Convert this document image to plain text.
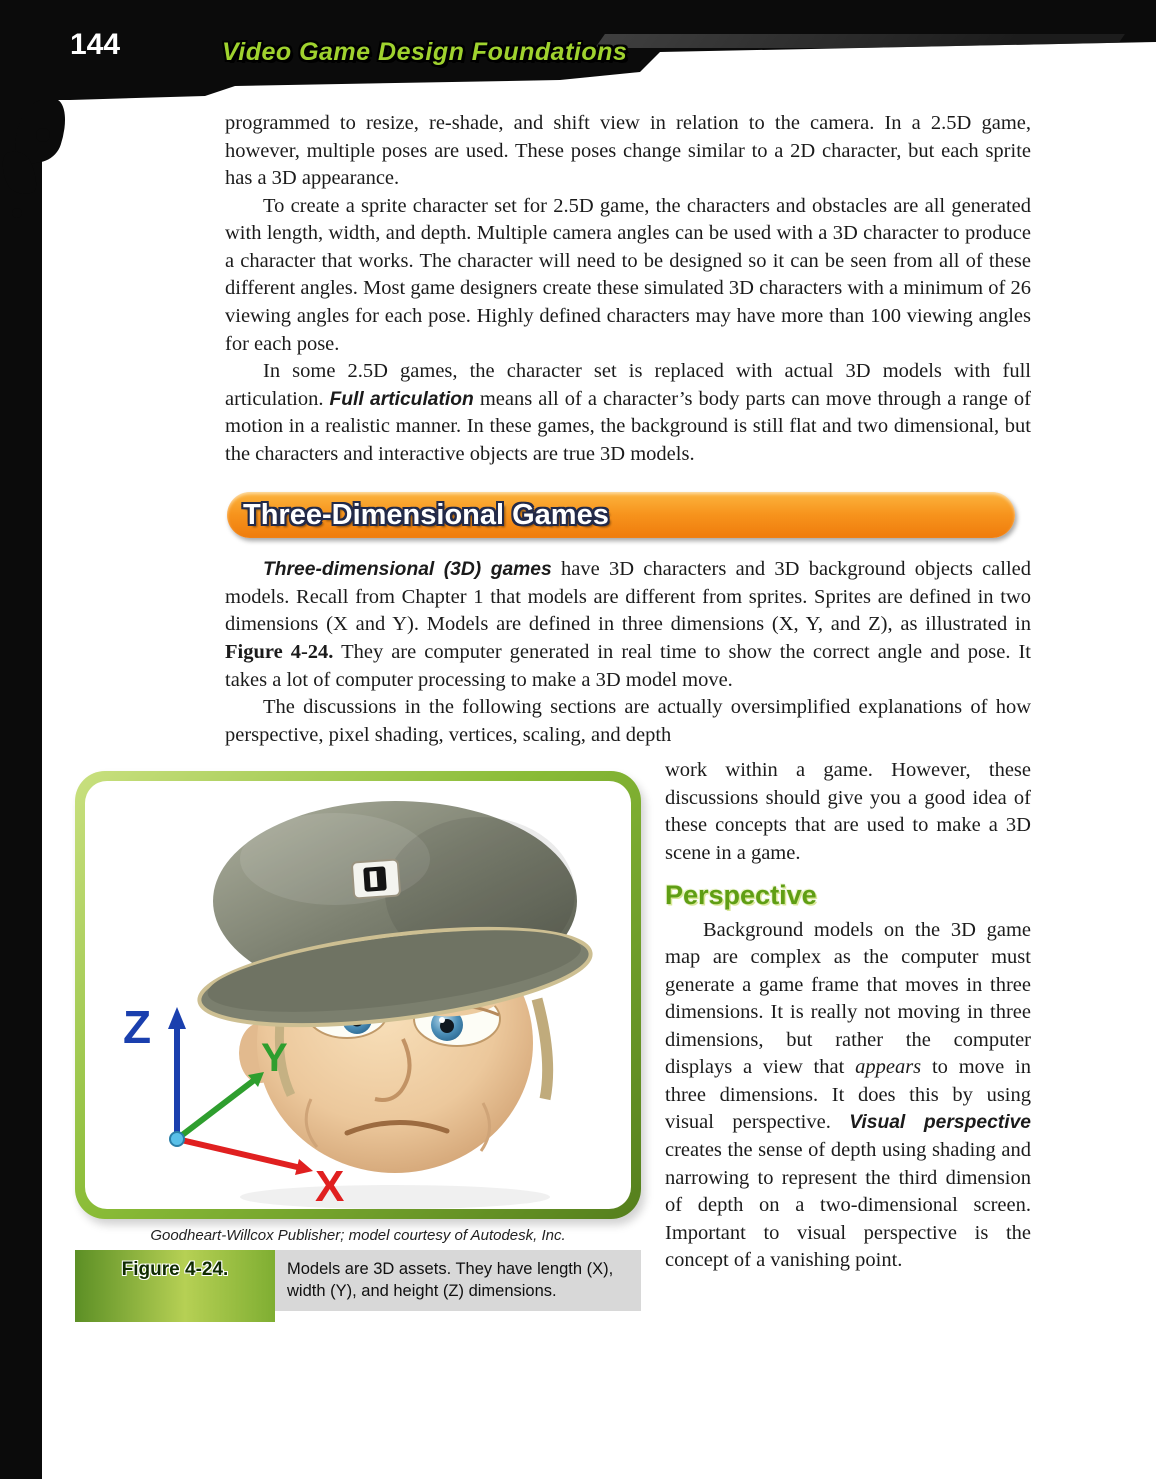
144	Video Game Design Foundations

programmed to resize, re-shade, and shift view in relation to the camera. In a 2.5D game, however, multiple poses are used. These poses change similar to a 2D character, but each sprite has a 3D appearance.

To create a sprite character set for 2.5D game, the characters and obstacles are all generated with length, width, and depth. Multiple camera angles can be used with a 3D character to produce a character that works. The character will need to be designed so it can be seen from all of these different angles. Most game designers create these simulated 3D characters with a minimum of 26 viewing angles for each pose. Highly defined characters may have more than 100 viewing angles for each pose.

In some 2.5D games, the character set is replaced with actual 3D models with full articulation. Full articulation means all of a character’s body parts can move through a range of motion in a realistic manner. In these games, the background is still flat and two dimensional, but the characters and interactive objects are true 3D models.

Three-Dimensional Games

Three-dimensional (3D) games have 3D characters and 3D background objects called models. Recall from Chapter 1 that models are different from sprites. Sprites are defined in two dimensions (X and Y). Models are defined in three dimensions (X, Y, and Z), as illustrated in Figure 4-24. They are computer generated in real time to show the correct angle and pose. It takes a lot of computer processing to make a 3D model move.

The discussions in the following sections are actually oversimplified explanations of how perspective, pixel shading, vertices, scaling, and depth

Z
Y
X
Goodheart-Willcox Publisher; model courtesy of Autodesk, Inc.
Figure 4-24.	Models are 3D assets. They have length (X), width (Y), and height (Z) dimensions.

work within a game. However, these discussions should give you a good idea of these concepts that are used to make a 3D scene in a game.

Perspective

Background models on the 3D game map are complex as the computer must generate a game frame that moves in three dimensions. It is really not moving in three dimensions, but rather the computer displays a view that appears to move in three dimensions. It does this by using visual perspective. Visual perspective creates the sense of depth using shading and narrowing to represent the third dimension of depth on a two-dimensional screen. Important to visual perspective is the concept of a vanishing point.
